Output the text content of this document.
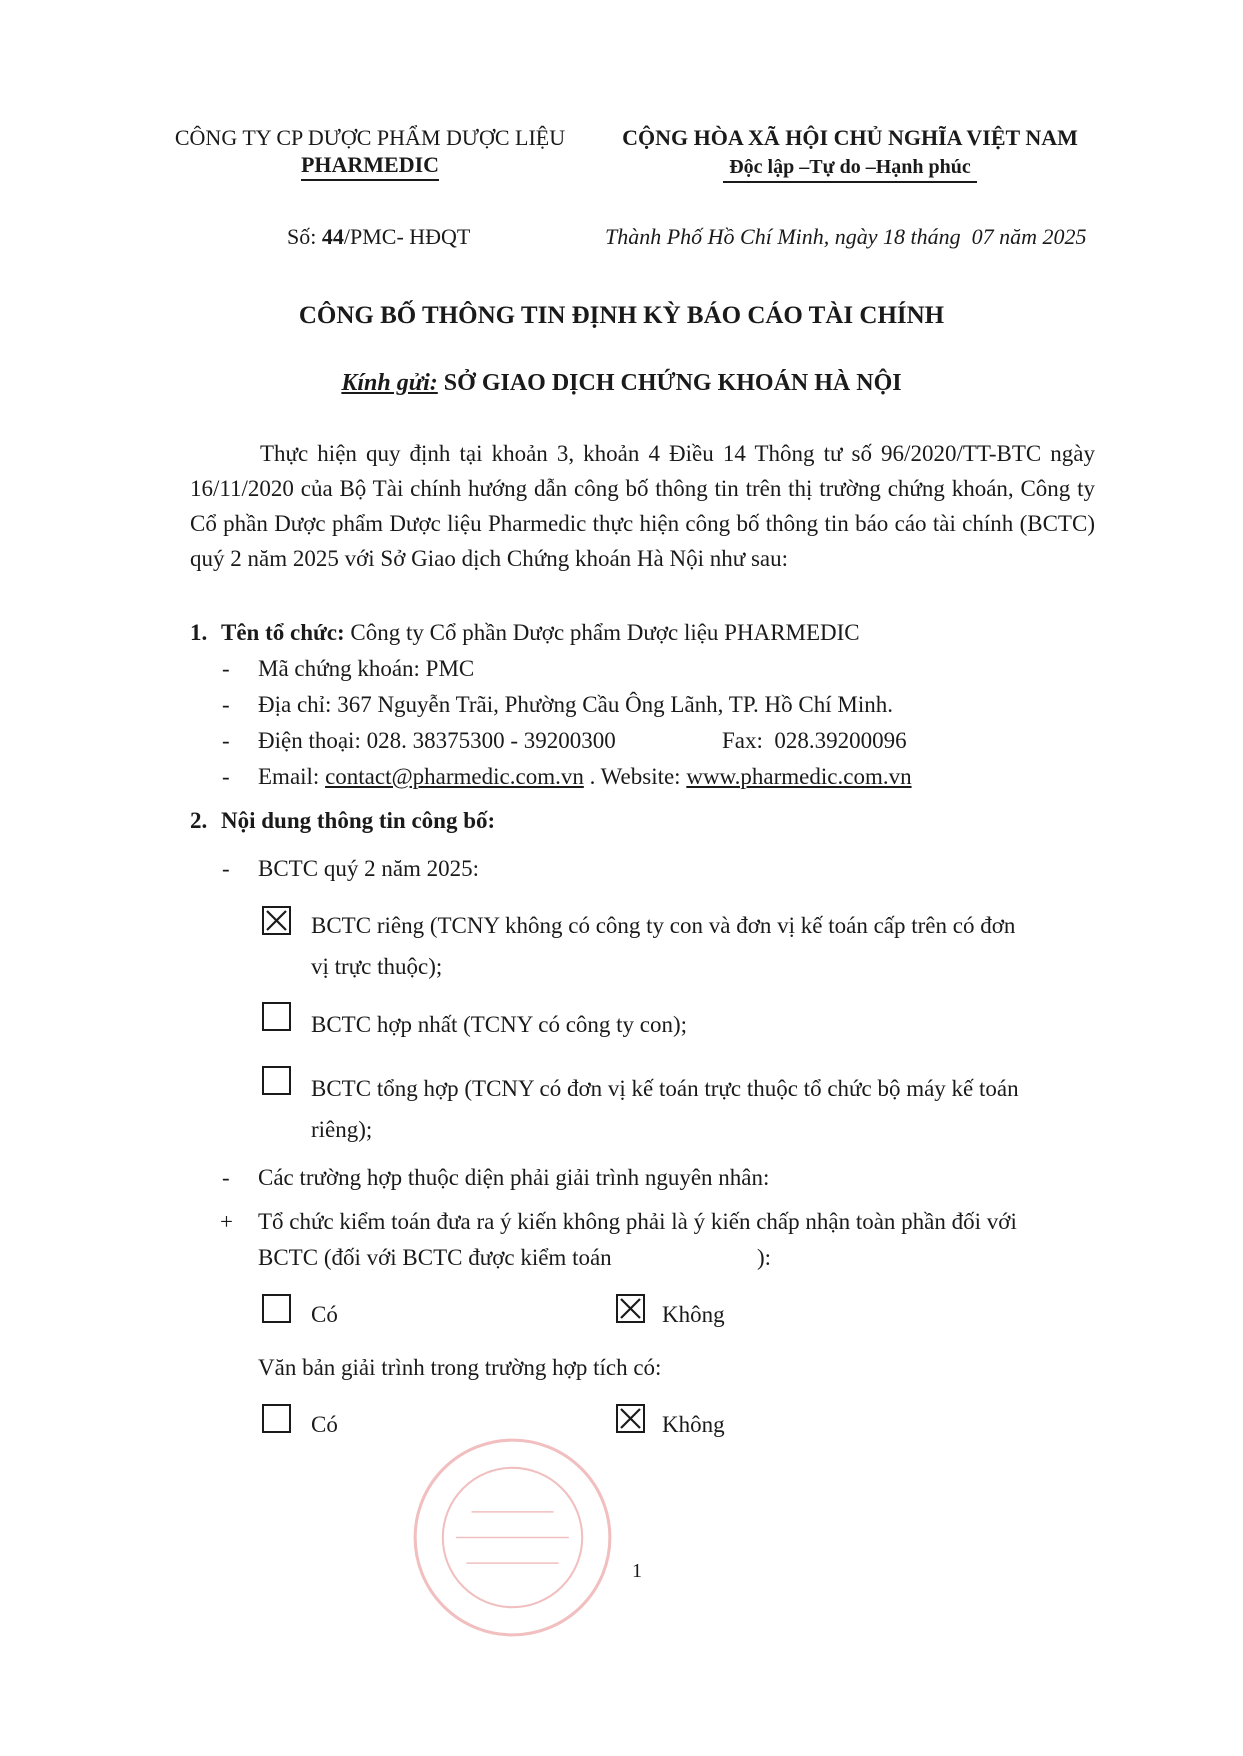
CÔNG TY CP DƯỢC PHẨM DƯỢC LIỆU
PHARMEDIC
CỘNG HÒA XÃ HỘI CHỦ NGHĨA VIỆT NAM
Độc lập –Tự do –Hạnh phúc
Số: 44/PMC- HĐQT	Thành Phố Hồ Chí Minh, ngày 18 tháng  07 năm 2025
CÔNG BỐ THÔNG TIN ĐỊNH KỲ BÁO CÁO TÀI CHÍNH
Kính gửi: SỞ GIAO DỊCH CHỨNG KHOÁN HÀ NỘI
Thực hiện quy định tại khoản 3, khoản 4 Điều 14 Thông tư số 96/2020/TT-BTC ngày 16/11/2020 của Bộ Tài chính hướng dẫn công bố thông tin trên thị trường chứng khoán, Công ty Cổ phần Dược phẩm Dược liệu Pharmedic thực hiện công bố thông tin báo cáo tài chính (BCTC) quý 2 năm 2025 với Sở Giao dịch Chứng khoán Hà Nội như sau:
1. Tên tổ chức: Công ty Cổ phần Dược phẩm Dược liệu PHARMEDIC
- Mã chứng khoán: PMC
- Địa chỉ: 367 Nguyễn Trãi, Phường Cầu Ông Lãnh, TP. Hồ Chí Minh.
- Điện thoại: 028. 38375300 - 39200300	Fax:  028.39200096
- Email: contact@pharmedic.com.vn . Website: www.pharmedic.com.vn
2. Nội dung thông tin công bố:
- BCTC quý 2 năm 2025:
BCTC riêng (TCNY không có công ty con và đơn vị kế toán cấp trên có đơn
vị trực thuộc);
BCTC hợp nhất (TCNY có công ty con);
BCTC tổng hợp (TCNY có đơn vị kế toán trực thuộc tổ chức bộ máy kế toán
riêng);
- Các trường hợp thuộc diện phải giải trình nguyên nhân:
+ Tổ chức kiểm toán đưa ra ý kiến không phải là ý kiến chấp nhận toàn phần đối với
BCTC (đối với BCTC được kiểm toán	):
Có	Không
Văn bản giải trình trong trường hợp tích có:
Có	Không
1
